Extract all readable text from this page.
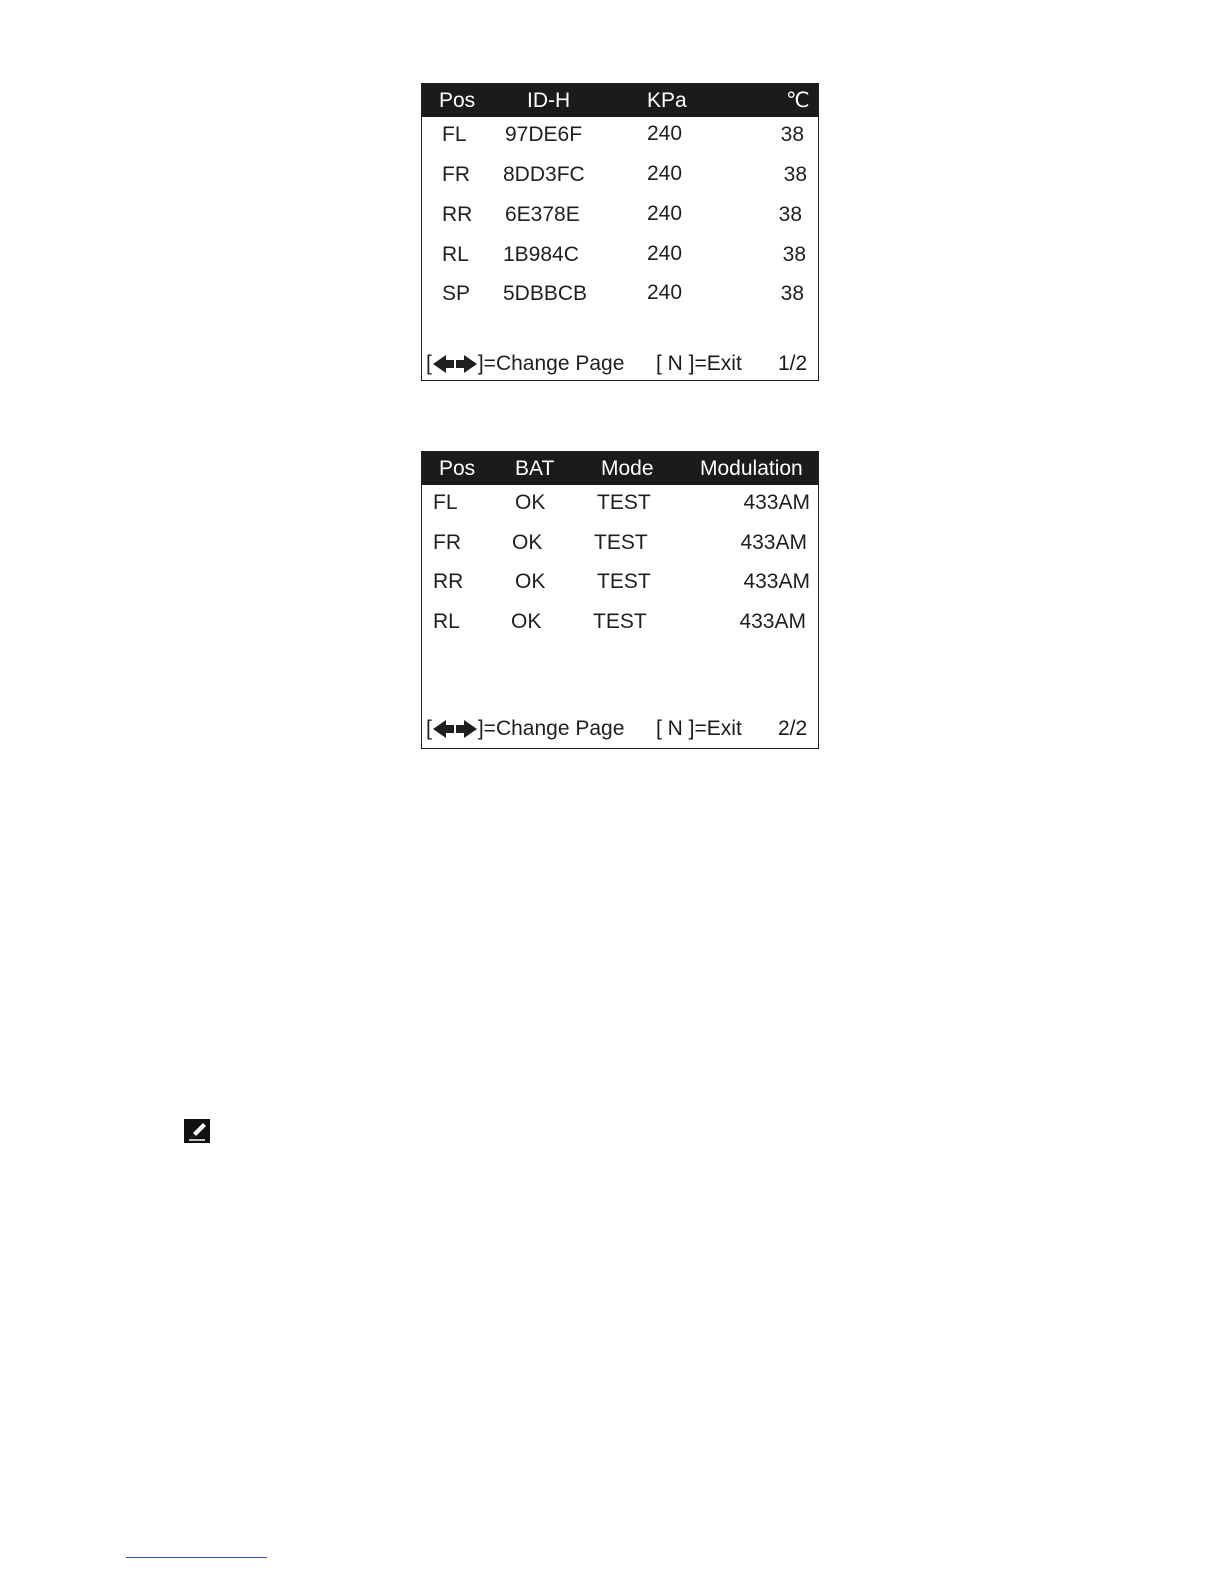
Pos ID-H	KPa	℃
FL 97DE6F	240	38
FR 8DD3FC	240	38
RR 6E378E	240	38
RL 1B984C	240	38
SP 5DBBCB	240	38
[ ]=Change Page [ N ]=Exit 1/2
Pos BAT Mode Modulation
FL	OK TEST	433AM
FR OK TEST	433AM
RR OK TEST	433AM
RL OK TEST	433AM
[ ]=Change Page [ N ]=Exit 2/2
